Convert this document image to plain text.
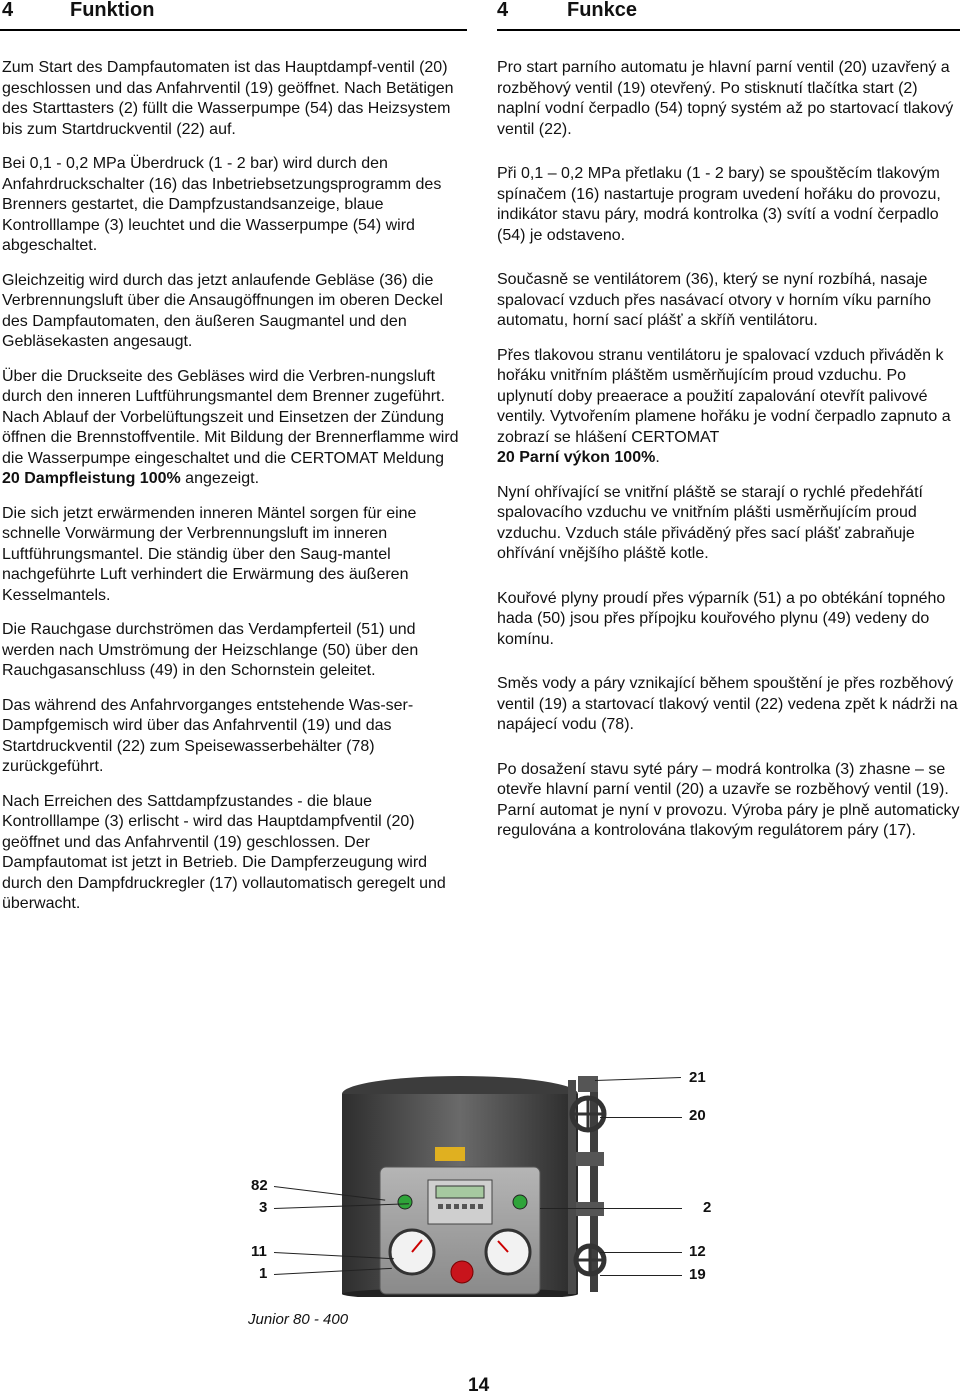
4	Funktion	4	Funkce

Zum Start des Dampfautomaten ist das Hauptdampf-ventil (20) geschlossen und das Anfahrventil (19) geöffnet. Nach Betätigen des Starttasters (2) füllt die Wasserpumpe (54) das Heizsystem bis zum Startdruckventil (22) auf.

Bei 0,1 - 0,2 MPa Überdruck (1 - 2 bar) wird durch den Anfahrdruckschalter (16) das Inbetriebsetzungsprogramm des Brenners gestartet, die Dampfzustandsanzeige, blaue Kontrolllampe (3) leuchtet und die Wasserpumpe (54) wird abgeschaltet.

Gleichzeitig wird durch das jetzt anlaufende Gebläse (36) die Verbrennungsluft über die Ansaugöffnungen im oberen Deckel des Dampfautomaten, den äußeren Saugmantel und den Gebläsekasten angesaugt.

Über die Druckseite des Gebläses wird die Verbren-nungsluft durch den inneren Luftführungsmantel dem Brenner zugeführt. Nach Ablauf der Vorbelüftungszeit und Einsetzen der Zündung öffnen die Brennstoffventile. Mit Bildung der Brennerflamme wird die Wasserpumpe eingeschaltet und die CERTOMAT Meldung
20 Dampfleistung 100% angezeigt.

Die sich jetzt erwärmenden inneren Mäntel sorgen für eine schnelle Vorwärmung der Verbrennungsluft im inneren Luftführungsmantel. Die ständig über den Saug-mantel nachgeführte Luft verhindert die Erwärmung des äußeren Kesselmantels.

Die Rauchgase durchströmen das Verdampferteil (51) und werden nach Umströmung der Heizschlange (50) über den Rauchgasanschluss (49) in den Schornstein geleitet.

Das während des Anfahrvorganges entstehende Was-ser-Dampfgemisch wird über das Anfahrventil (19) und das Startdruckventil (22) zum Speisewasserbehälter (78) zurückgeführt.

Nach Erreichen des Sattdampfzustandes - die blaue Kontrolllampe (3) erlischt - wird das Hauptdampfventil (20) geöffnet und das Anfahrventil (19) geschlossen. Der Dampfautomat ist jetzt in Betrieb. Die Dampferzeugung wird durch den Dampfdruckregler (17) vollautomatisch geregelt und überwacht.

Pro start parního automatu je hlavní parní ventil (20) uzavřený a rozběhový ventil (19) otevřený. Po stisknutí tlačítka start (2) naplní vodní čerpadlo (54) topný systém až po startovací tlakový ventil (22).

Při 0,1 – 0,2 MPa přetlaku (1 - 2 bary) se spouštěcím tlakovým spínačem (16) nastartuje program uvedení hořáku do provozu, indikátor stavu páry, modrá kontrolka (3) svítí a vodní čerpadlo (54) je odstaveno.

Současně se ventilátorem (36), který se nyní rozbíhá, nasaje spalovací vzduch přes nasávací otvory v horním víku parního automatu, horní sací plášť a skříň ventilátoru.

Přes tlakovou stranu ventilátoru je spalovací vzduch přiváděn k hořáku vnitřním pláštěm usměrňujícím proud vzduchu. Po uplynutí doby preaerace a použití zapalování otevřít palivové ventily. Vytvořením plamene hořáku je vodní čerpadlo zapnuto a zobrazí se hlášení CERTOMAT
20 Parní výkon 100%.

Nyní ohřívající se vnitřní pláště se starají o rychlé předehřátí spalovacího vzduchu ve vnitřním plášti usměrňujícím proud vzduchu. Vzduch stále přiváděný přes sací plášť zabraňuje ohřívání vnějšího pláště kotle.

Kouřové plyny proudí přes výparník (51) a po obtékání topného hada (50) jsou přes přípojku kouřového plynu (49) vedeny do komínu.

Směs vody a páry vznikající během spouštění je přes rozběhový ventil (19) a startovací tlakový ventil (22) vedena zpět k nádrži na napájecí vodu (78).

Po dosažení stavu syté páry – modrá kontrolka (3) zhasne – se otevře hlavní parní ventil (20) a uzavře se rozběhový ventil (19).

Parní automat je nyní v provozu. Výroba páry je plně automaticky regulována a kontrolována tlakovým regulátorem páry (17).

82
3
11
1
21
20
2
12
19
Junior 80 - 400
14
